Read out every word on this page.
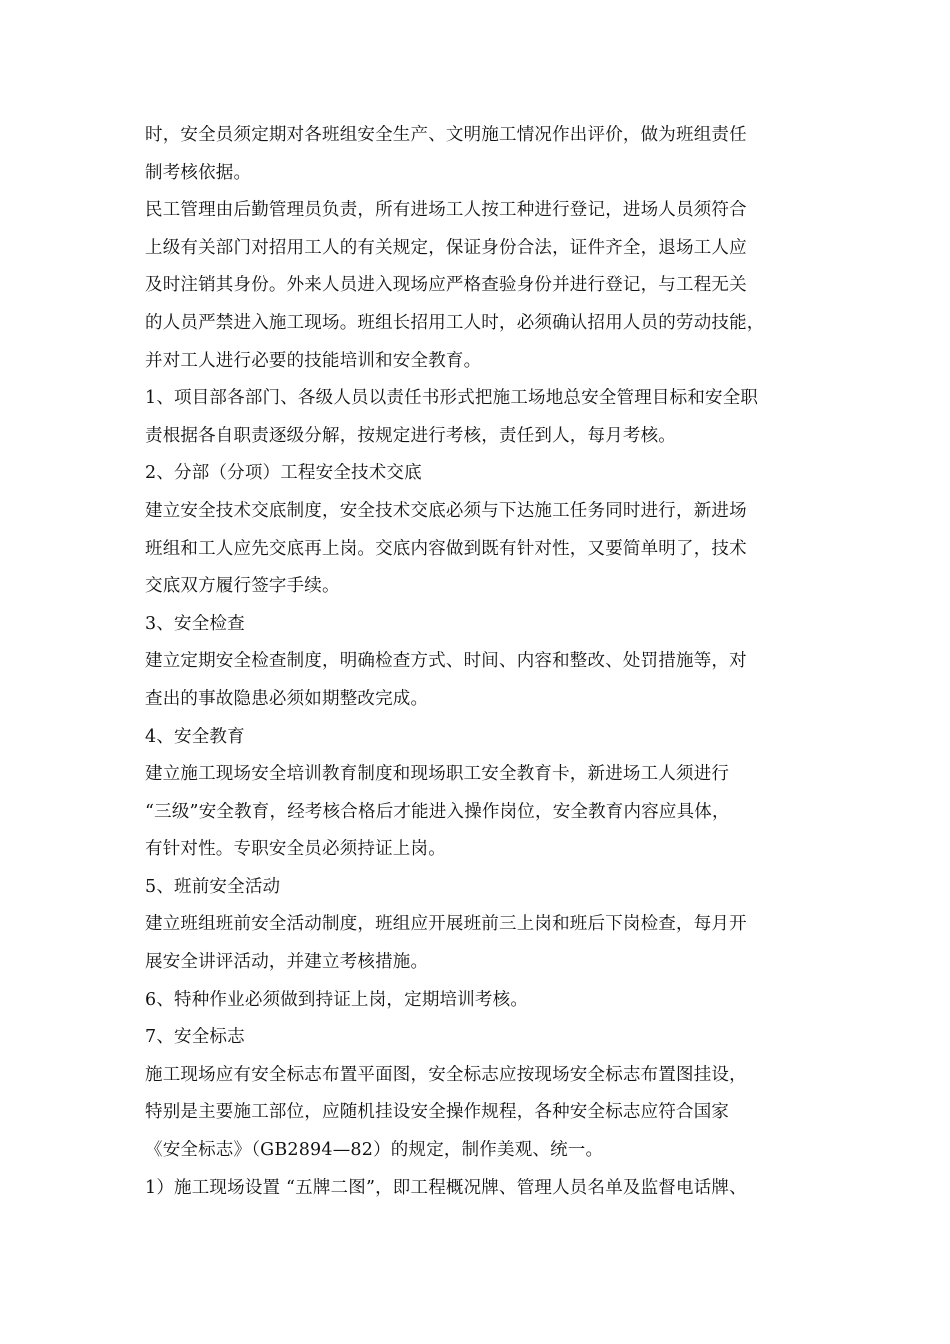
时，安全员须定期对各班组安全生产、文明施工情况作出评价，做为班组责任
制考核依据。
民工管理由后勤管理员负责，所有进场工人按工种进行登记，进场人员须符合
上级有关部门对招用工人的有关规定，保证身份合法，证件齐全，退场工人应
及时注销其身份。外来人员进入现场应严格查验身份并进行登记，与工程无关
的人员严禁进入施工现场。班组长招用工人时，必须确认招用人员的劳动技能，
并对工人进行必要的技能培训和安全教育。
1、项目部各部门、各级人员以责任书形式把施工场地总安全管理目标和安全职
责根据各自职责逐级分解，按规定进行考核，责任到人，每月考核。
2、分部（分项）工程安全技术交底
建立安全技术交底制度，安全技术交底必须与下达施工任务同时进行，新进场
班组和工人应先交底再上岗。交底内容做到既有针对性，又要简单明了，技术
交底双方履行签字手续。
3、安全检查
建立定期安全检查制度，明确检查方式、时间、内容和整改、处罚措施等，对
查出的事故隐患必须如期整改完成。
4、安全教育
建立施工现场安全培训教育制度和现场职工安全教育卡，新进场工人须进行
“三级”安全教育，经考核合格后才能进入操作岗位，安全教育内容应具体，
有针对性。专职安全员必须持证上岗。
5、班前安全活动
建立班组班前安全活动制度，班组应开展班前三上岗和班后下岗检查，每月开
展安全讲评活动，并建立考核措施。
6、特种作业必须做到持证上岗，定期培训考核。
7、安全标志
施工现场应有安全标志布置平面图，安全标志应按现场安全标志布置图挂设，
特别是主要施工部位，应随机挂设安全操作规程，各种安全标志应符合国家
《安全标志》（GB2894—82）的规定，制作美观、统一。
1）施工现场设置 “五牌二图”，即工程概况牌、管理人员名单及监督电话牌、
